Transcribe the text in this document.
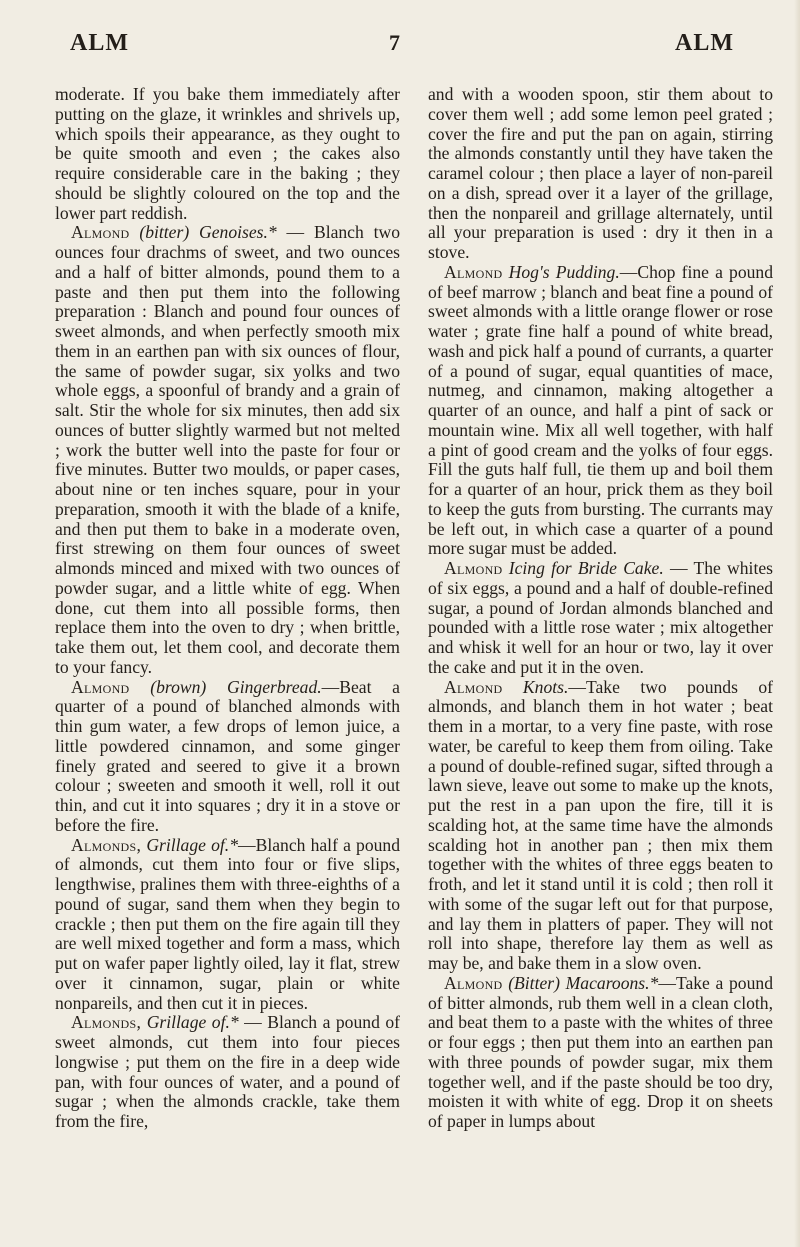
ALM	7	ALM

moderate. If you bake them immediately after putting on the glaze, it wrinkles and shrivels up, which spoils their appearance, as they ought to be quite smooth and even ; the cakes also require considerable care in the baking ; they should be slightly coloured on the top and the lower part reddish.

Almond (bitter) Genoises.* — Blanch two ounces four drachms of sweet, and two ounces and a half of bitter almonds, pound them to a paste and then put them into the following preparation : Blanch and pound four ounces of sweet almonds, and when perfectly smooth mix them in an earthen pan with six ounces of flour, the same of powder sugar, six yolks and two whole eggs, a spoonful of brandy and a grain of salt. Stir the whole for six minutes, then add six ounces of butter slightly warmed but not melted ; work the butter well into the paste for four or five minutes. Butter two moulds, or paper cases, about nine or ten inches square, pour in your preparation, smooth it with the blade of a knife, and then put them to bake in a moderate oven, first strewing on them four ounces of sweet almonds minced and mixed with two ounces of powder sugar, and a little white of egg. When done, cut them into all possible forms, then replace them into the oven to dry ; when brittle, take them out, let them cool, and decorate them to your fancy.

Almond (brown) Gingerbread.—Beat a quarter of a pound of blanched almonds with thin gum water, a few drops of lemon juice, a little powdered cinnamon, and some ginger finely grated and seered to give it a brown colour ; sweeten and smooth it well, roll it out thin, and cut it into squares ; dry it in a stove or before the fire.

Almonds, Grillage of.*—Blanch half a pound of almonds, cut them into four or five slips, lengthwise, pralines them with three-eighths of a pound of sugar, sand them when they begin to crackle ; then put them on the fire again till they are well mixed together and form a mass, which put on wafer paper lightly oiled, lay it flat, strew over it cinnamon, sugar, plain or white nonpareils, and then cut it in pieces.

Almonds, Grillage of.* — Blanch a pound of sweet almonds, cut them into four pieces longwise ; put them on the fire in a deep wide pan, with four ounces of water, and a pound of sugar ; when the almonds crackle, take them from the fire,

and with a wooden spoon, stir them about to cover them well ; add some lemon peel grated ; cover the fire and put the pan on again, stirring the almonds constantly until they have taken the caramel colour ; then place a layer of non-pareil on a dish, spread over it a layer of the grillage, then the nonpareil and grillage alternately, until all your preparation is used : dry it then in a stove.

Almond Hog's Pudding.—Chop fine a pound of beef marrow ; blanch and beat fine a pound of sweet almonds with a little orange flower or rose water ; grate fine half a pound of white bread, wash and pick half a pound of currants, a quarter of a pound of sugar, equal quantities of mace, nutmeg, and cinnamon, making altogether a quarter of an ounce, and half a pint of sack or mountain wine. Mix all well together, with half a pint of good cream and the yolks of four eggs. Fill the guts half full, tie them up and boil them for a quarter of an hour, prick them as they boil to keep the guts from bursting. The currants may be left out, in which case a quarter of a pound more sugar must be added.

Almond Icing for Bride Cake. — The whites of six eggs, a pound and a half of double-refined sugar, a pound of Jordan almonds blanched and pounded with a little rose water ; mix altogether and whisk it well for an hour or two, lay it over the cake and put it in the oven.

Almond Knots.—Take two pounds of almonds, and blanch them in hot water ; beat them in a mortar, to a very fine paste, with rose water, be careful to keep them from oiling. Take a pound of double-refined sugar, sifted through a lawn sieve, leave out some to make up the knots, put the rest in a pan upon the fire, till it is scalding hot, at the same time have the almonds scalding hot in another pan ; then mix them together with the whites of three eggs beaten to froth, and let it stand until it is cold ; then roll it with some of the sugar left out for that purpose, and lay them in platters of paper. They will not roll into shape, therefore lay them as well as may be, and bake them in a slow oven.

Almond (Bitter) Macaroons.*—Take a pound of bitter almonds, rub them well in a clean cloth, and beat them to a paste with the whites of three or four eggs ; then put them into an earthen pan with three pounds of powder sugar, mix them together well, and if the paste should be too dry, moisten it with white of egg. Drop it on sheets of paper in lumps about
